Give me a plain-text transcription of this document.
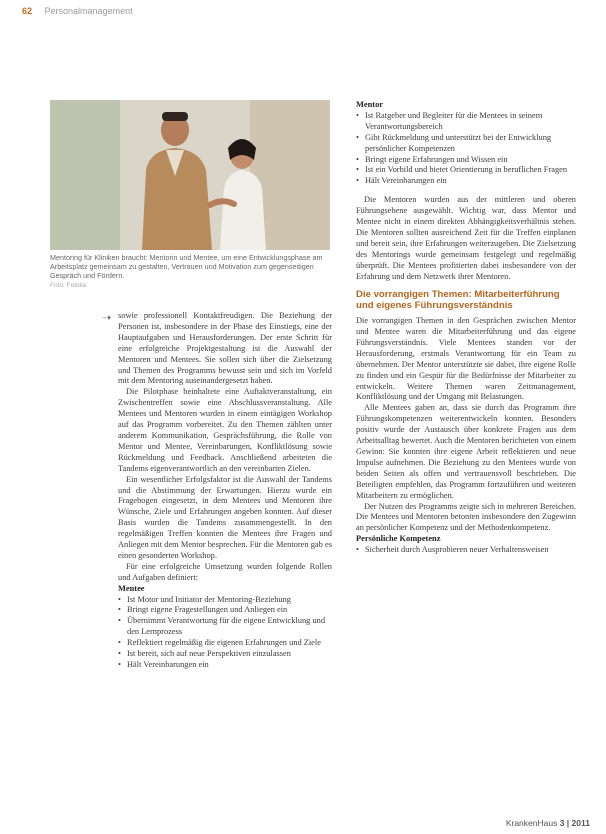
62 Personalmanagement
Mentoring für Kliniken braucht: Mentorin und Mentee, um eine Entwicklungsphase am Arbeitsplatz gemeinsam zu gestalten, Vertrauen und Motivation zum gegenseitigen Gespräch und Fördern.
Foto: Fotolia
➝ sowie professionell Kontaktfreudigen. Die Beziehung der Personen ist, insbesondere in der Phase des Einstiegs, eine der Hauptaufgaben und Herausforderungen. Der erste Schritt für eine erfolgreiche Projektgestaltung ist die Auswahl der Mentoren und Mentees. Sie sollen sich über die Zielsetzung und Themen des Programms bewusst sein und sich im Vorfeld mit dem Mentoring auseinandergesetzt haben.

Die Pilotphase beinhaltete eine Auftaktveranstaltung, ein Zwischentreffen sowie eine Abschlussveranstaltung. Alle Mentees und Mentoren wurden in einem eintägigen Workshop auf das Programm vorbereitet. Zu den Themen zählten unter anderem Kommunikation, Gesprächsführung, die Rolle von Mentor und Mentee, Vereinbarungen, Konfliktlösung sowie Rückmeldung und Feedback. Anschließend arbeiteten die Tandems eigenverantwortlich an den vereinbarten Zielen.

Ein wesentlicher Erfolgsfaktor ist die Auswahl der Tandems und die Abstimmung der Erwartungen. Hierzu wurde ein Fragebogen eingesetzt, in dem Mentees und Mentoren ihre Wünsche, Ziele und Erfahrungen angeben konnten. Auf dieser Basis wurden die Tandems zusammengestellt. In den regelmäßigen Treffen konnten die Mentees ihre Fragen und Anliegen mit dem Mentor besprechen. Für die Mentoren gab es einen gesonderten Workshop.

Für eine erfolgreiche Umsetzung wurden folgende Rollen und Aufgaben definiert:

Mentee
• Ist Motor und Initiator der Mentoring-Beziehung
• Bringt eigene Fragestellungen und Anliegen ein
• Übernimmt Verantwortung für die eigene Entwicklung und den Lernprozess
• Reflektiert regelmäßig die eigenen Erfahrungen und Ziele
• Ist bereit, sich auf neue Perspektiven einzulassen
• Hält Vereinbarungen ein
Mentor
• Ist Ratgeber und Begleiter für die Mentees in seinem Verantwortungsbereich
• Gibt Rückmeldung und unterstützt bei der Entwicklung persönlicher Kompetenzen
• Bringt eigene Erfahrungen und Wissen ein
• Ist ein Vorbild und bietet Orientierung in beruflichen Fragen
• Hält Vereinbarungen ein

Die Mentoren wurden aus der mittleren und oberen Führungsebene ausgewählt. Wichtig war, dass Mentor und Mentee nicht in einem direkten Abhängigkeitsverhältnis stehen. Die Mentoren sollten ausreichend Zeit für die Treffen einplanen und bereit sein, ihre Erfahrungen weiterzugeben. Die Zielsetzung des Mentorings wurde gemeinsam festgelegt und regelmäßig überprüft. Die Mentees profitierten dabei insbesondere von der Erfahrung und dem Netzwerk ihrer Mentoren.

Die vorrangigen Themen: Mitarbeiterführung und eigenes Führungsverständnis

Die vorrangigen Themen in den Gesprächen zwischen Mentor und Mentee waren die Mitarbeiterführung und das eigene Führungsverständnis. Viele Mentees standen vor der Herausforderung, erstmals Verantwortung für ein Team zu übernehmen. Der Mentor unterstützte sie dabei, ihre eigene Rolle zu finden und ein Gespür für die Bedürfnisse der Mitarbeiter zu entwickeln. Weitere Themen waren Zeitmanagement, Konfliktlösung und der Umgang mit Belastungen.

Alle Mentees gaben an, dass sie durch das Programm ihre Führungskompetenzen weiterentwickeln konnten. Besonders positiv wurde der Austausch über konkrete Fragen aus dem Arbeitsalltag bewertet. Auch die Mentoren berichteten von einem Gewinn: Sie konnten ihre eigene Arbeit reflektieren und neue Impulse aufnehmen. Die Beziehung zu den Mentees wurde von beiden Seiten als offen und vertrauensvoll beschrieben. Die Beteiligten empfehlen, das Programm fortzuführen und weiteren Mitarbeitern zu ermöglichen.

Der Nutzen des Programms zeigte sich in mehreren Bereichen. Die Mentees und Mentoren betonten insbesondere den Zugewinn an persönlicher Kompetenz und der Methodenkompetenz.

Persönliche Kompetenz
• Sicherheit durch Ausprobieren neuer Verhaltensweisen
KrankenHaus 3 | 2011
